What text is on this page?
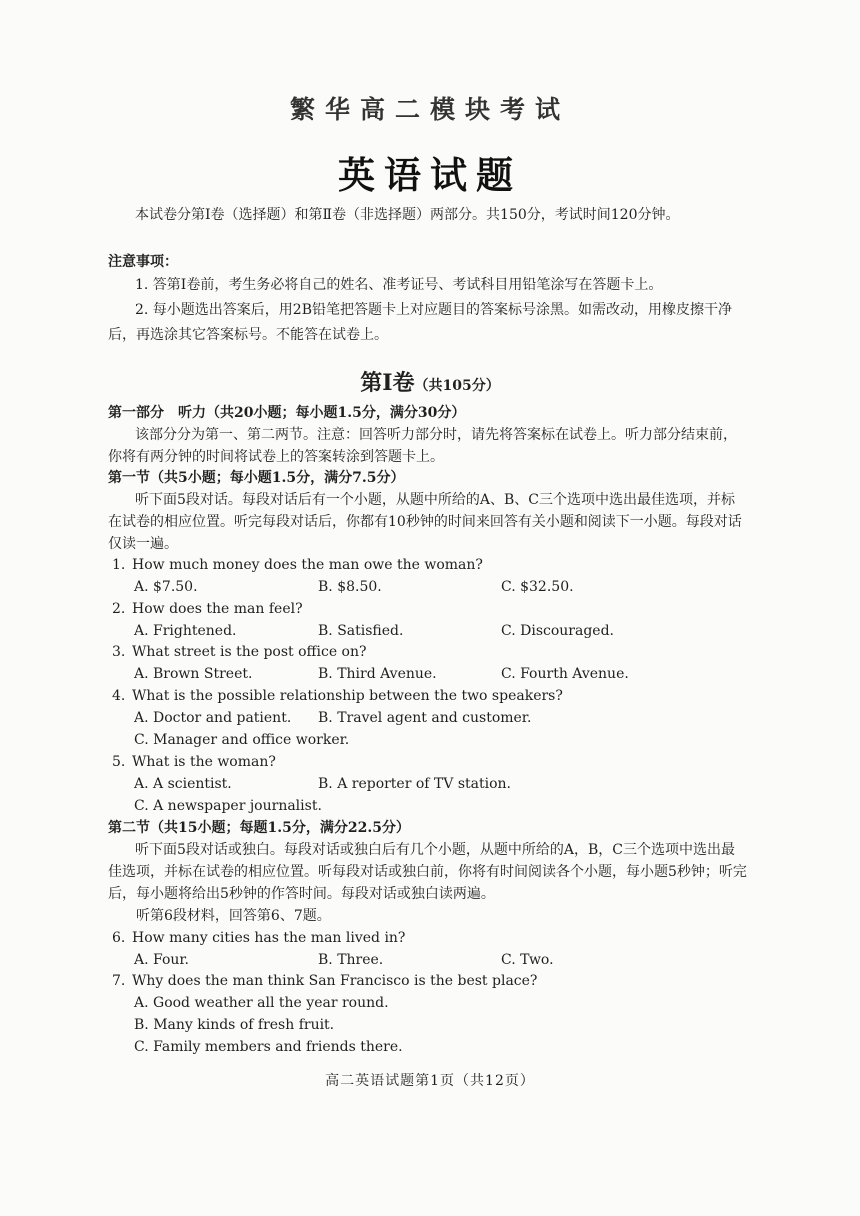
繁华高二模块考试
英语试题
本试卷分第Ⅰ卷（选择题）和第Ⅱ卷（非选择题）两部分。共150分，考试时间120分钟。
注意事项：
1. 答第Ⅰ卷前，考生务必将自己的姓名、准考证号、考试科目用铅笔涂写在答题卡上。
2. 每小题选出答案后，用2B铅笔把答题卡上对应题目的答案标号涂黑。如需改动，用橡皮擦干净后，再选涂其它答案标号。不能答在试卷上。
第Ⅰ卷（共105分）
第一部分　听力（共20小题；每小题1.5分，满分30分）
该部分分为第一、第二两节。注意：回答听力部分时，请先将答案标在试卷上。听力部分结束前，你将有两分钟的时间将试卷上的答案转涂到答题卡上。
第一节（共5小题；每小题1.5分，满分7.5分）
听下面5段对话。每段对话后有一个小题，从题中所给的A、B、C三个选项中选出最佳选项，并标在试卷的相应位置。听完每段对话后，你都有10秒钟的时间来回答有关小题和阅读下一小题。每段对话仅读一遍。
1. How much money does the man owe the woman?
A. $7.50.	B. $8.50.	C. $32.50.
2. How does the man feel?
A. Frightened.	B. Satisfied.	C. Discouraged.
3. What street is the post office on?
A. Brown Street.	B. Third Avenue.	C. Fourth Avenue.
4. What is the possible relationship between the two speakers?
A. Doctor and patient. B. Travel agent and customer.
C. Manager and office worker.
5. What is the woman?
A. A scientist.	B. A reporter of TV station.
C. A newspaper journalist.
第二节（共15小题；每题1.5分，满分22.5分）
听下面5段对话或独白。每段对话或独白后有几个小题，从题中所给的A，B，C三个选项中选出最佳选项，并标在试卷的相应位置。听每段对话或独白前，你将有时间阅读各个小题，每小题5秒钟；听完后，每小题将给出5秒钟的作答时间。每段对话或独白读两遍。
听第6段材料，回答第6、7题。
6. How many cities has the man lived in?
A. Four.	B. Three.	C. Two.
7. Why does the man think San Francisco is the best place?
A. Good weather all the year round.
B. Many kinds of fresh fruit.
C. Family members and friends there.
高二英语试题第1页（共12页）
